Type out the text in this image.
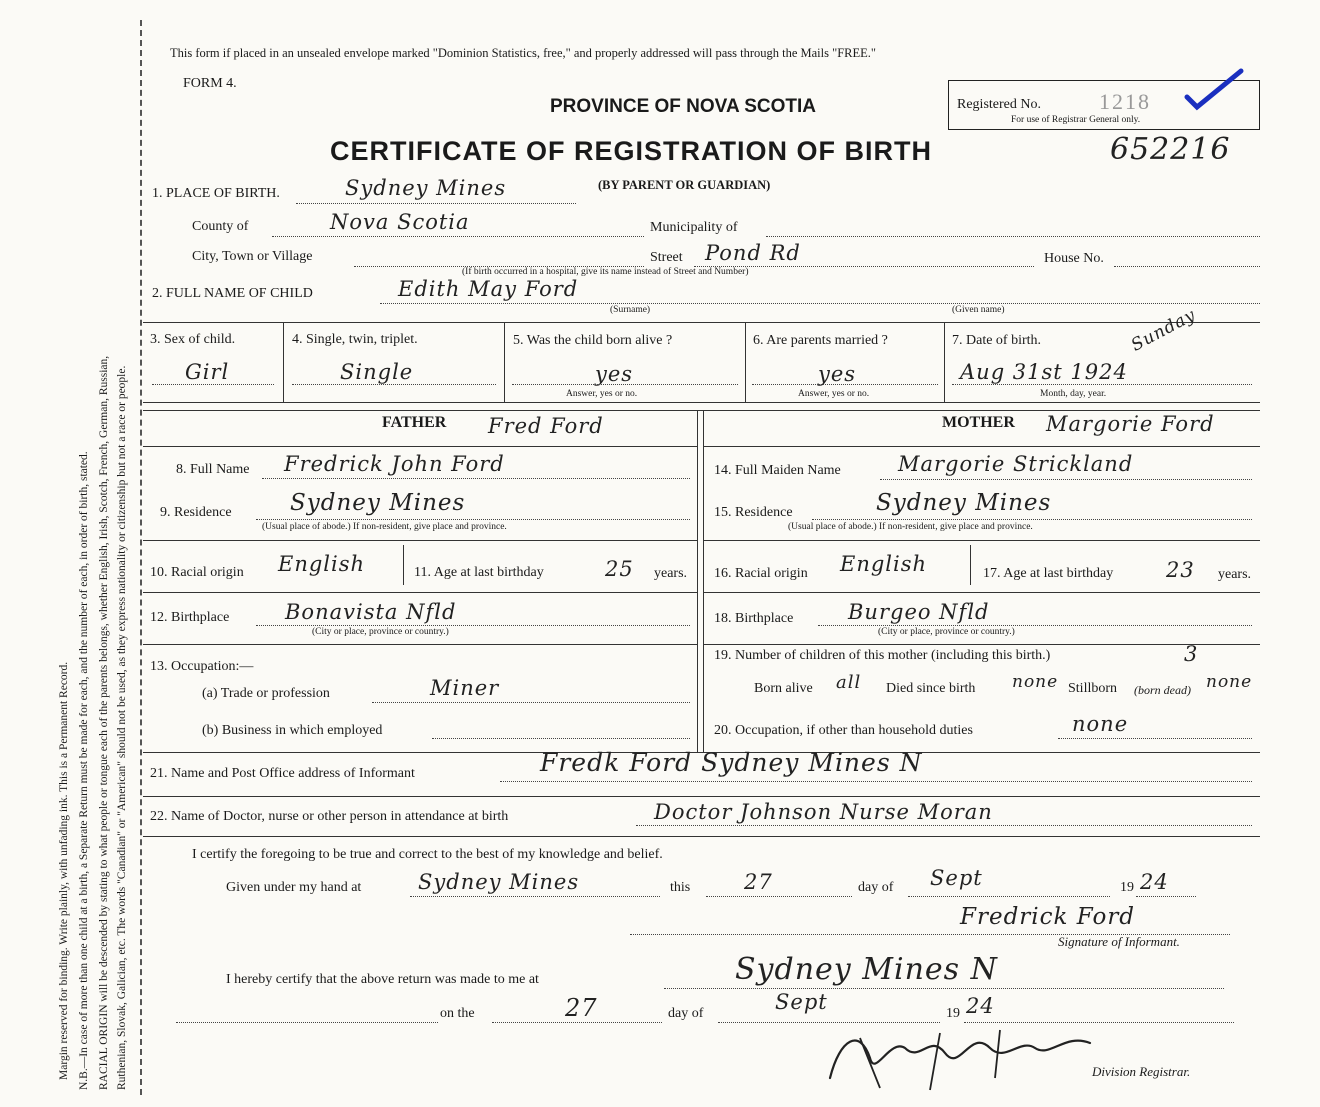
Margin reserved for binding. Write plainly, with unfading ink. This is a Permanent Record. N.B.—In case of more than one child at a birth, a Separate Return must be made for each, and the number of each, in order of birth, stated. RACIAL ORIGIN will be descended by stating to what people or tongue each of the parents belongs, whether English, Irish, Scotch, French, German, Russian, Ruthenian, Slovak, Galician, etc. The words "Canadian" or "American" should not be used, as they express nationality or citizenship but not a race or people.
This form if placed in an unsealed envelope marked "Dominion Statistics, free," and properly addressed will pass through the Mails "FREE."
FORM 4.
PROVINCE OF NOVA SCOTIA
CERTIFICATE OF REGISTRATION OF BIRTH
Registered No.	1218
For use of Registrar General only.
652216
1. PLACE OF BIRTH.	Sydney Mines	(BY PARENT OR GUARDIAN)
County of	Nova Scotia	Municipality of
City, Town or Village	Street Pond Rd	House No.
(If birth occurred in a hospital, give its name instead of Street and Number)
2. FULL NAME OF CHILD	Edith May Ford
(Surname)	(Given name)
3. Sex of child.
Girl
4. Single, twin, triplet.
Single
5. Was the child born alive ?
yes
Answer, yes or no.
6. Are parents married ?
yes
Answer, yes or no.
7. Date of birth.
Aug 31st 1924
Sunday
Month, day, year.
FATHER Fred Ford
8. Full Name Fredrick John Ford
9. Residence	Sydney Mines
(Usual place of abode.) If non-resident, give place and province.
10. Racial origin English	11. Age at last birthday	25 years.
12. Birthplace	Bonavista Nfld
(City or place, province or country.)
13. Occupation:—
(a) Trade or profession	Miner
(b) Business in which employed
MOTHER Margorie Ford
14. Full Maiden Name	Margorie Strickland
15. Residence	Sydney Mines
(Usual place of abode.) If non-resident, give place and province.
16. Racial origin English	17. Age at last birthday	23 years.
18. Birthplace	Burgeo Nfld
(City or place, province or country.)
19. Number of children of this mother (including this birth.)	3
Born alive all Died since birth none Stillborn (born dead) none
20. Occupation, if other than household duties	none
21. Name and Post Office address of Informant	Fredk Ford Sydney Mines N
22. Name of Doctor, nurse or other person in attendance at birth	Doctor Johnson Nurse Moran
I certify the foregoing to be true and correct to the best of my knowledge and belief.
Given under my hand at	Sydney Mines	this	27	day of Sept	19 24
Fredrick Ford
Signature of Informant.
I hereby certify that the above return was made to me at	Sydney Mines N
on the	27	day of	Sept	19 24
Division Registrar.
